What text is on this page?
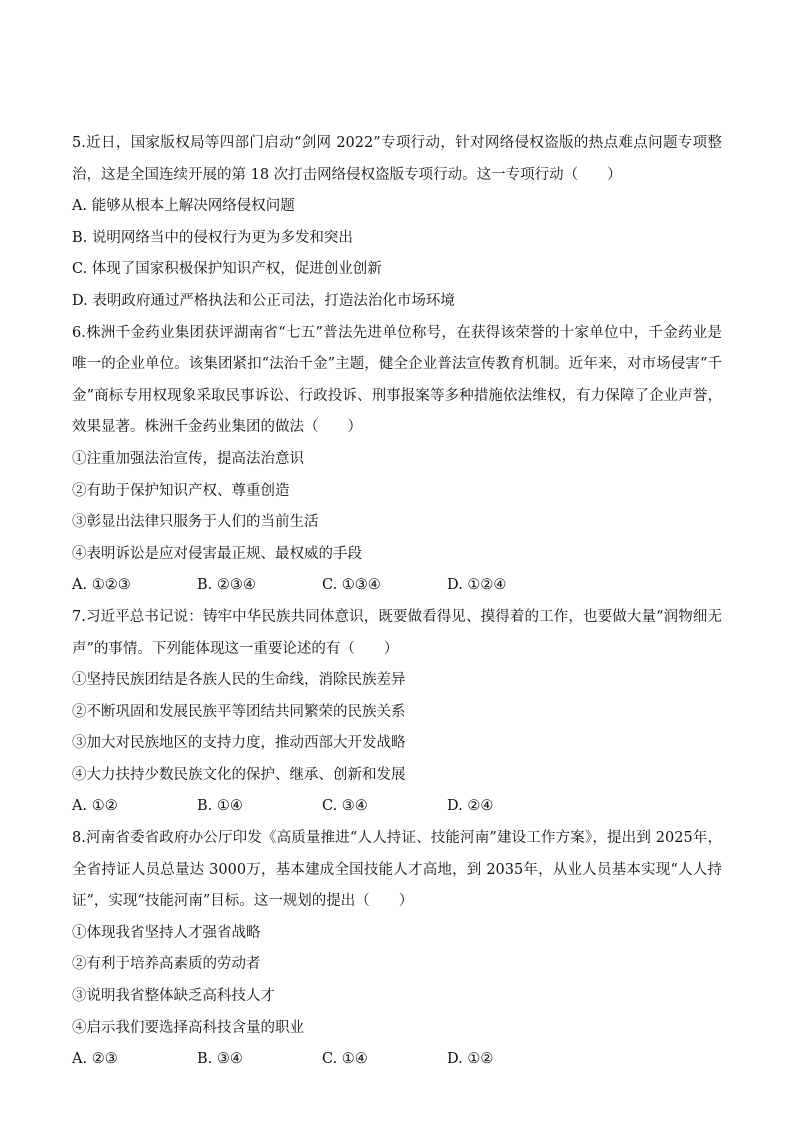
5.近日，国家版权局等四部门启动“剑网 2022”专项行动，针对网络侵权盗版的热点难点问题专项整治，这是全国连续开展的第 18 次打击网络侵权盗版专项行动。这一专项行动（　　）
A. 能够从根本上解决网络侵权问题
B. 说明网络当中的侵权行为更为多发和突出
C. 体现了国家积极保护知识产权，促进创业创新
D. 表明政府通过严格执法和公正司法，打造法治化市场环境
6.株洲千金药业集团获评湖南省“七五”普法先进单位称号，在获得该荣誉的十家单位中，千金药业是唯一的企业单位。该集团紧扣“法治千金”主题，健全企业普法宣传教育机制。近年来，对市场侵害“千金”商标专用权现象采取民事诉讼、行政投诉、刑事报案等多种措施依法维权，有力保障了企业声誉，效果显著。株洲千金药业集团的做法（　　）
①注重加强法治宣传，提高法治意识
②有助于保护知识产权、尊重创造
③彰显出法律只服务于人们的当前生活
④表明诉讼是应对侵害最正规、最权威的手段
A. ①②③	B. ②③④	C. ①③④	D. ①②④
7.习近平总书记说：铸牢中华民族共同体意识，既要做看得见、摸得着的工作，也要做大量“润物细无声”的事情。下列能体现这一重要论述的有（　　）
①坚持民族团结是各族人民的生命线，消除民族差异
②不断巩固和发展民族平等团结共同繁荣的民族关系
③加大对民族地区的支持力度，推动西部大开发战略
④大力扶持少数民族文化的保护、继承、创新和发展
A. ①②	B. ①④	C. ③④	D. ②④
8.河南省委省政府办公厅印发《高质量推进“人人持证、技能河南”建设工作方案》，提出到 2025年，全省持证人员总量达 3000万，基本建成全国技能人才高地，到 2035年，从业人员基本实现“人人持证”，实现“技能河南”目标。这一规划的提出（　　）
①体现我省坚持人才强省战略
②有利于培养高素质的劳动者
③说明我省整体缺乏高科技人才
④启示我们要选择高科技含量的职业
A. ②③	B. ③④	C. ①④	D. ①②
